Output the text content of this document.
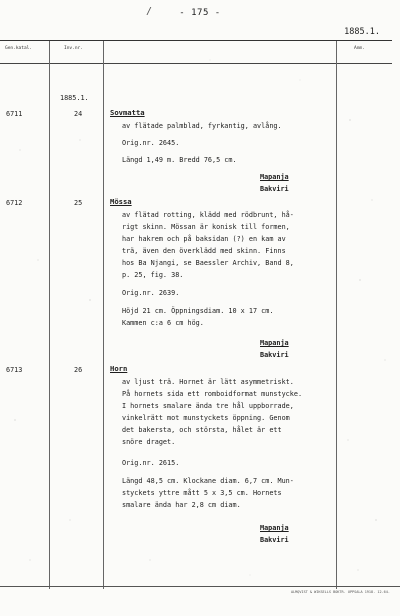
/	- 175 -
1885.1.
Gen.katal.	Inv.nr.	Anm.
1885.1.
6711	24	Sovmatta
av flätade palmblad, fyrkantig, avlång.
Orig.nr. 2645.
Längd 1,49 m. Bredd 76,5 cm.
Mapanja
Bakviri
6712	25	Mössa
av flätad rotting, klädd med rödbrunt, hå-
rigt skinn. Mössan är konisk till formen,
har hakrem och på baksidan (?) en kam av
trä, även den överklädd med skinn. Finns
hos Ba Njangi, se Baessler Archiv, Band 8,
p. 25, fig. 38.
Orig.nr. 2639.
Höjd 21 cm. Öppningsdiam. 10 x 17 cm.
Kammen c:a 6 cm hög.
Mapanja
Bakviri
6713	26	Horn
av ljust trä. Hornet är lätt asymmetriskt.
På hornets sida ett romboidformat munstycke.
I hornets smalare ända tre hål uppborrade,
vinkelrätt mot munstyckets öppning. Genom
det bakersta, och största, hålet är ett
snöre draget.
Orig.nr. 2615.
Längd 48,5 cm. Klockane diam. 6,7 cm. Mun-
styckets yttre mått 5 x 3,5 cm. Hornets
smalare ända har 2,8 cm diam.
Mapanja
Bakviri
ALMQVIST & WIKSELLS BOKTR. UPPSALA 1918. 12.64.
